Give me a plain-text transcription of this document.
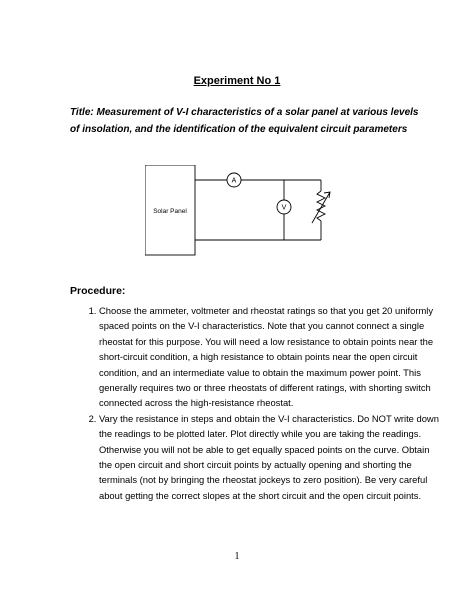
Experiment No 1
Title: Measurement of V-I characteristics of a solar panel at various levels of insolation, and the identification of the equivalent circuit parameters
Solar Panel
A
V
Procedure:
1. Choose the ammeter, voltmeter and rheostat ratings so that you get 20 uniformly spaced points on the V-I characteristics. Note that you cannot connect a single rheostat for this purpose. You will need a low resistance to obtain points near the short-circuit condition, a high resistance to obtain points near the open circuit condition, and an intermediate value to obtain the maximum power point. This generally requires two or three rheostats of different ratings, with shorting switch connected across the high-resistance rheostat.
2. Vary the resistance in steps and obtain the V-I characteristics. Do NOT write down the readings to be plotted later. Plot directly while you are taking the readings. Otherwise you will not be able to get equally spaced points on the curve. Obtain the open circuit and short circuit points by actually opening and shorting the terminals (not by bringing the rheostat jockeys to zero position). Be very careful about getting the correct slopes at the short circuit and the open circuit points.
1
